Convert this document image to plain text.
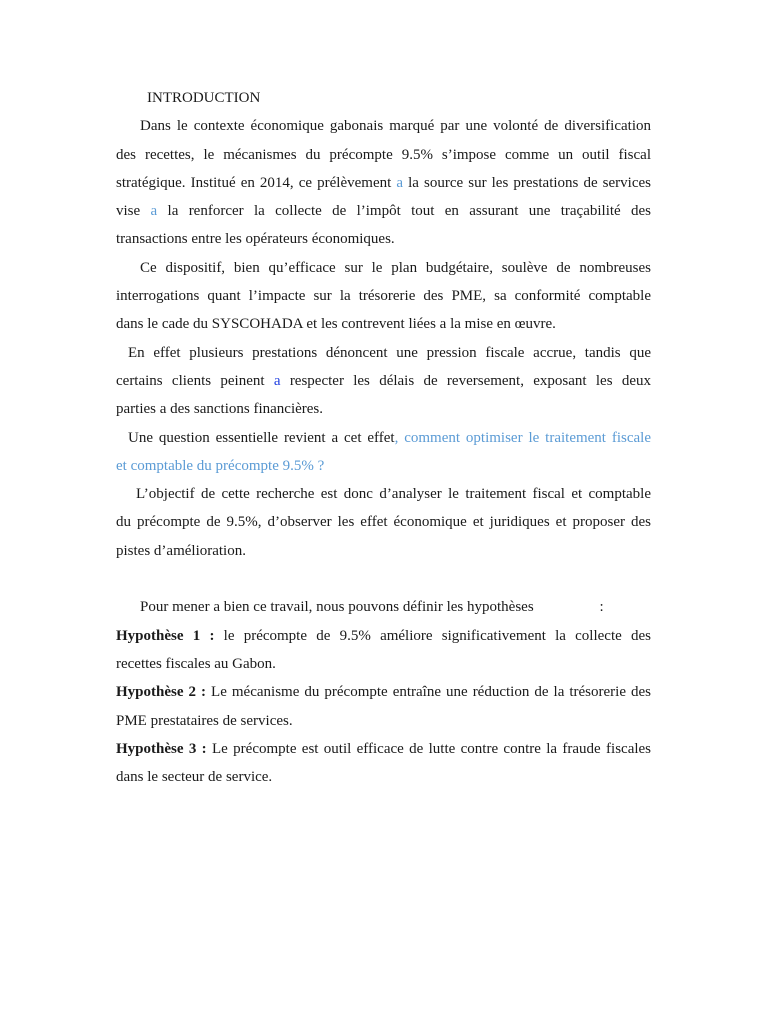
INTRODUCTION
Dans le contexte économique gabonais marqué par une volonté de diversification
des recettes, le mécanismes du précompte 9.5% s’impose comme un outil fiscal
stratégique. Institué en 2014, ce prélèvement a la source sur les prestations de services
vise a la renforcer la collecte de l’impôt tout en assurant une traçabilité des
transactions entre les opérateurs économiques.
Ce dispositif, bien qu’efficace sur le plan budgétaire, soulève de nombreuses
interrogations quant l’impacte sur la trésorerie des PME, sa conformité comptable
dans le cade du SYSCOHADA et les contrevent liées a la mise en œuvre.
En effet plusieurs prestations dénoncent une pression fiscale accrue, tandis que
certains clients peinent a respecter les délais de reversement, exposant les deux
parties a des sanctions financières.
Une question essentielle revient a cet effet, comment optimiser le traitement fiscale
et comptable du précompte 9.5% ?
L’objectif de cette recherche est donc d’analyser le traitement fiscal et comptable
du précompte de 9.5%, d’observer les effet économique et juridiques et proposer des
pistes d’amélioration.
Pour mener a bien ce travail, nous pouvons définir les hypothèses	:
Hypothèse 1 : le précompte de 9.5% améliore significativement la collecte des
recettes fiscales au Gabon.
Hypothèse 2 : Le mécanisme du précompte entraîne une réduction de la trésorerie des
PME prestataires de services.
Hypothèse 3 : Le précompte est outil efficace de lutte contre contre la fraude fiscales
dans le secteur de service.
